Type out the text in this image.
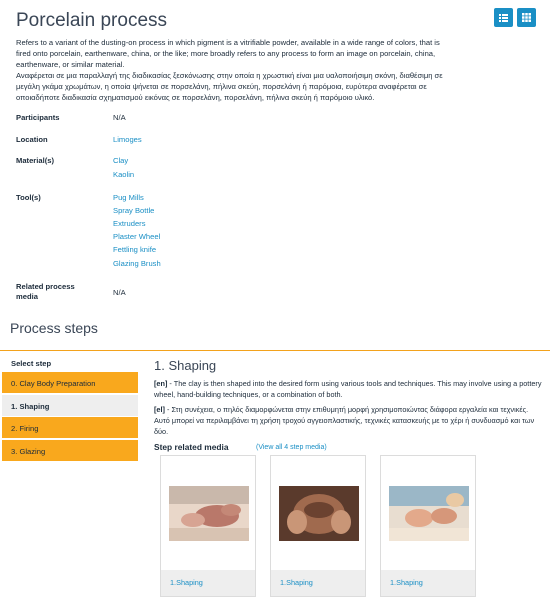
Porcelain process

Refers to a variant of the dusting-on process in which pigment is a vitrifiable powder, available in a wide range of colors, that is fired onto porcelain, earthenware, china, or the like; more broadly refers to any process to form an image on porcelain, china, earthenware, or similar material.

Αναφέρεται σε μια παραλλαγή της διαδικασίας ξεσκόνωσης στην οποία η χρωστική είναι μια υαλοποιήσιμη σκόνη, διαθέσιμη σε μεγάλη γκάμα χρωμάτων, η οποία ψήνεται σε πορσελάνη, πήλινα σκεύη, πορσελάνη ή παρόμοια, ευρύτερα αναφέρεται σε οποιαδήποτε διαδικασία σχηματισμού εικόνας σε πορσελάνη, πορσελάνη, πήλινα σκεύη ή παρόμοιο υλικό.

Participants	N/A
Location	Limoges
Material(s)	Clay
Kaolin
Tool(s)	Pug Mills
Spray Bottle
Extruders
Plaster Wheel
Fettling knife
Glazing Brush
Related process
media	N/A
Process steps
Select step
0. Clay Body Preparation
1. Shaping
2. Firing
3. Glazing
1. Shaping
[en] - The clay is then shaped into the desired form using various tools and techniques. This may involve using a pottery wheel, hand-building techniques, or a combination of both.
[el] - Στη συνέχεια, ο πηλός διαμορφώνεται στην επιθυμητή μορφή χρησιμοποιώντας διάφορα εργαλεία και τεχνικές. Αυτό μπορεί να περιλαμβάνει τη χρήση τροχού αγγειοπλαστικής, τεχνικές κατασκευής με το χέρι ή συνδυασμό και των δύο.
Step related media	(View all 4 step media)
1.Shaping	1.Shaping	1.Shaping
